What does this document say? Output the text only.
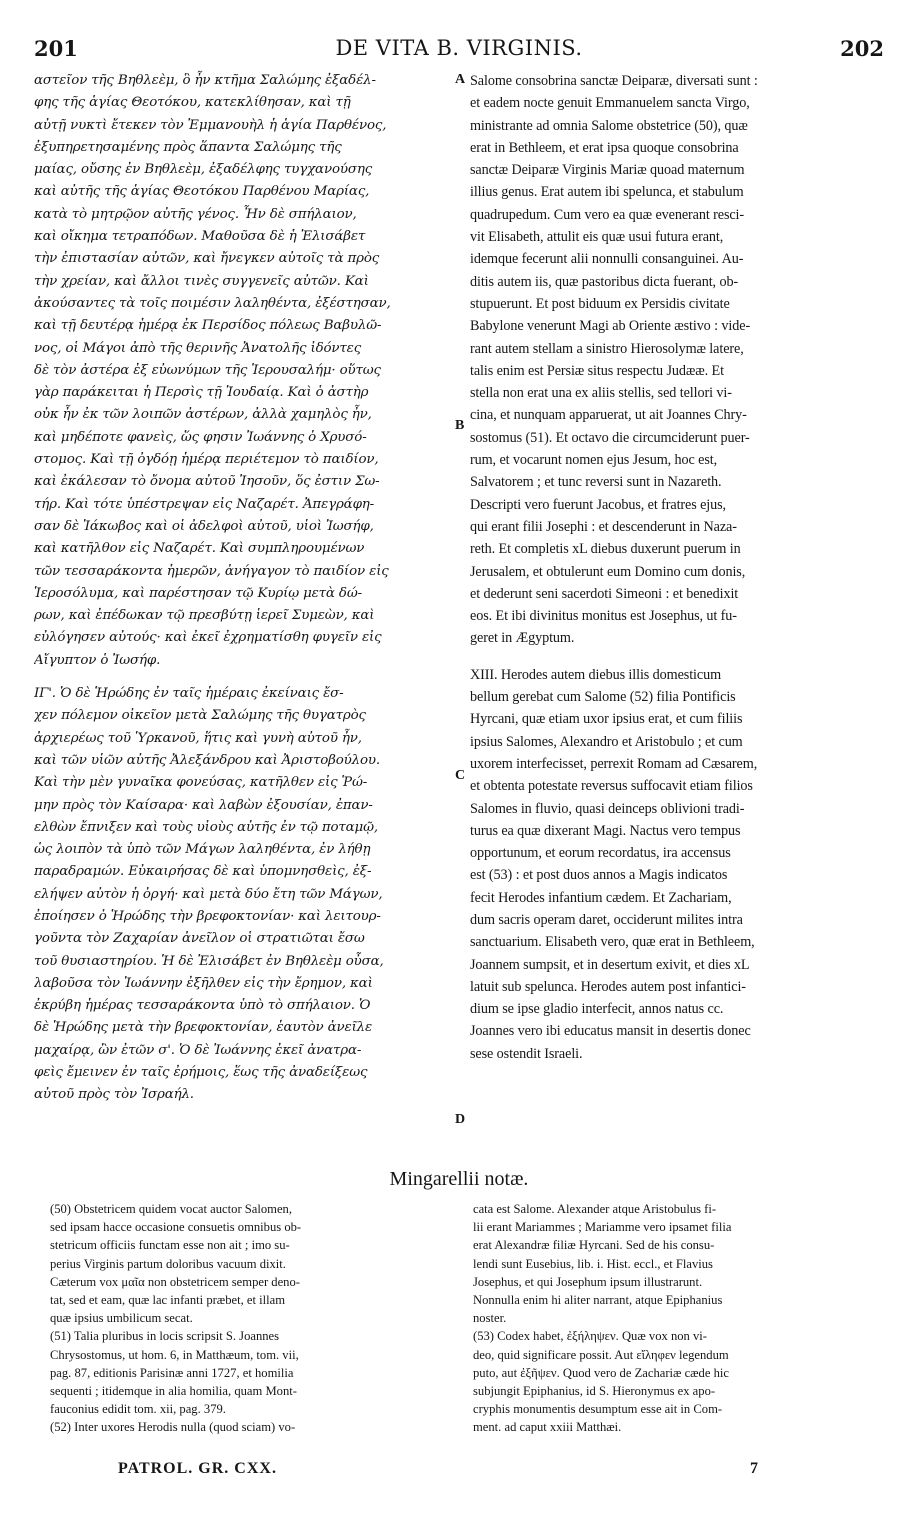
201	DE VITA B. VIRGINIS.	202
αστεῖον τῆς Βηθλεὲμ, ὃ ἦν κτῆμα Σαλώμης ἐξαδέλ-
φης τῆς ἁγίας Θεοτόκου, κατεκλίθησαν, καὶ τῇ
αὐτῇ νυκτὶ ἔτεκεν τὸν Ἐμμανουὴλ ἡ ἁγία Παρθένος,
ἐξυπηρετησαμένης πρὸς ἅπαντα Σαλώμης τῆς
μαίας, οὔσης ἐν Βηθλεὲμ, ἐξαδέλφης τυγχανούσης
καὶ αὐτῆς τῆς ἁγίας Θεοτόκου Παρθένου Μαρίας,
κατὰ τὸ μητρῷον αὐτῆς γένος. Ἦν δὲ σπήλαιον,
καὶ οἴκημα τετραπόδων. Μαθοῦσα δὲ ἡ Ἐλισάβετ
τὴν ἐπιστασίαν αὐτῶν, καὶ ἤνεγκεν αὐτοῖς τὰ πρὸς
τὴν χρείαν, καὶ ἄλλοι τινὲς συγγενεῖς αὐτῶν. Καὶ
ἀκούσαντες τὰ τοῖς ποιμέσιν λαληθέντα, ἐξέστησαν,
καὶ τῇ δευτέρᾳ ἡμέρᾳ ἐκ Περσίδος πόλεως Βαβυλῶ-
νος, οἱ Μάγοι ἀπὸ τῆς θερινῆς Ἀνατολῆς ἰδόντες
δὲ τὸν ἀστέρα ἐξ εὐωνύμων τῆς Ἱερουσαλήμ· οὕτως
γὰρ παράκειται ἡ Περσὶς τῇ Ἰουδαίᾳ. Καὶ ὁ ἀστὴρ
οὐκ ἦν ἐκ τῶν λοιπῶν ἀστέρων, ἀλλὰ χαμηλὸς ἦν,
καὶ μηδέποτε φανεὶς, ὥς φησιν Ἰωάννης ὁ Χρυσό-
στομος. Καὶ τῇ ὀγδόῃ ἡμέρᾳ περιέτεμον τὸ παιδίον,
καὶ ἐκάλεσαν τὸ ὄνομα αὐτοῦ Ἰησοῦν, ὅς ἐστιν Σω-
τήρ. Καὶ τότε ὑπέστρεψαν εἰς Ναζαρέτ. Ἀπεγράφη-
σαν δὲ Ἰάκωβος καὶ οἱ ἀδελφοὶ αὐτοῦ, υἱοὶ Ἰωσήφ,
καὶ κατῆλθον εἰς Ναζαρέτ. Καὶ συμπληρουμένων
τῶν τεσσαράκοντα ἡμερῶν, ἀνήγαγον τὸ παιδίον εἰς
Ἱεροσόλυμα, καὶ παρέστησαν τῷ Κυρίῳ μετὰ δώ-
ρων, καὶ ἐπέδωκαν τῷ πρεσβύτῃ ἱερεῖ Συμεὼν, καὶ
εὐλόγησεν αὐτούς· καὶ ἐκεῖ ἐχρηματίσθη φυγεῖν εἰς
Αἴγυπτον ὁ Ἰωσήφ.
ΙΓ'. Ὁ δὲ Ἡρώδης ἐν ταῖς ἡμέραις ἐκείναις ἔσ-
χεν πόλεμον οἰκεῖον μετὰ Σαλώμης τῆς θυγατρὸς
ἀρχιερέως τοῦ Ὑρκανοῦ, ἥτις καὶ γυνὴ αὐτοῦ ἦν,
καὶ τῶν υἱῶν αὐτῆς Ἀλεξάνδρου καὶ Ἀριστοβούλου.
Καὶ τὴν μὲν γυναῖκα φονεύσας, κατῆλθεν εἰς Ῥώ-
μην πρὸς τὸν Καίσαρα· καὶ λαβὼν ἐξουσίαν, ἐπαν-
ελθὼν ἔπνιξεν καὶ τοὺς υἱοὺς αὐτῆς ἐν τῷ ποταμῷ,
ὡς λοιπὸν τὰ ὑπὸ τῶν Μάγων λαληθέντα, ἐν λήθῃ
παραδραμών. Εὐκαιρήσας δὲ καὶ ὑπομνησθεὶς, ἐξ-
ελήψεν αὐτὸν ἡ ὀργή· καὶ μετὰ δύο ἔτη τῶν Μάγων,
ἐποίησεν ὁ Ἡρώδης τὴν βρεφοκτονίαν· καὶ λειτουρ-
γοῦντα τὸν Ζαχαρίαν ἀνεῖλον οἱ στρατιῶται ἔσω
τοῦ θυσιαστηρίου. Ἡ δὲ Ἐλισάβετ ἐν Βηθλεὲμ οὖσα,
λαβοῦσα τὸν Ἰωάννην ἐξῆλθεν εἰς τὴν ἔρημον, καὶ
ἐκρύβη ἡμέρας τεσσαράκοντα ὑπὸ τὸ σπήλαιον. Ὁ
δὲ Ἡρώδης μετὰ τὴν βρεφοκτονίαν, ἑαυτὸν ἀνεῖλε
μαχαίρᾳ, ὢν ἐτῶν σ'. Ὁ δὲ Ἰωάννης ἐκεῖ ἀνατρα-
φεὶς ἔμεινεν ἐν ταῖς ἐρήμοις, ἕως τῆς ἀναδείξεως
αὐτοῦ πρὸς τὸν Ἰσραήλ.
Salome consobrina sanctæ Deiparæ, diversati sunt :
et eadem nocte genuit Emmanuelem sancta Virgo,
ministrante ad omnia Salome obstetrice (50), quæ
erat in Bethleem, et erat ipsa quoque consobrina
sanctæ Deiparæ Virginis Mariæ quoad maternum
illius genus. Erat autem ibi spelunca, et stabulum
quadrupedum. Cum vero ea quæ evenerant resci-
vit Elisabeth, attulit eis quæ usui futura erant,
idemque fecerunt alii nonnulli consanguinei. Au-
ditis autem iis, quæ pastoribus dicta fuerant, ob-
stupuerunt. Et post biduum ex Persidis civitate
Babylone venerunt Magi ab Oriente æstivo : vide-
rant autem stellam a sinistro Hierosolymæ latere,
talis enim est Persiæ situs respectu Judææ. Et
stella non erat una ex aliis stellis, sed tellori vi-
cina, et nunquam apparuerat, ut ait Joannes Chry-
sostomus (51). Et octavo die circumciderunt puer-
rum, et vocarunt nomen ejus Jesum, hoc est,
Salvatorem ; et tunc reversi sunt in Nazareth.
Descripti vero fuerunt Jacobus, et fratres ejus,
qui erant filii Josephi : et descenderunt in Naza-
reth. Et completis xL diebus duxerunt puerum in
Jerusalem, et obtulerunt eum Domino cum donis,
et dederunt seni sacerdoti Simeoni : et benedixit
eos. Et ibi divinitus monitus est Josephus, ut fu-
geret in Ægyptum.
XIII. Herodes autem diebus illis domesticum
bellum gerebat cum Salome (52) filia Pontificis
Hyrcani, quæ etiam uxor ipsius erat, et cum filiis
ipsius Salomes, Alexandro et Aristobulo ; et cum
uxorem interfecisset, perrexit Romam ad Cæsarem,
et obtenta potestate reversus suffocavit etiam filios
Salomes in fluvio, quasi deinceps oblivioni tradi-
turus ea quæ dixerant Magi. Nactus vero tempus
opportunum, et eorum recordatus, ira accensus
est (53) : et post duos annos a Magis indicatos
fecit Herodes infantium cædem. Et Zachariam,
dum sacris operam daret, occiderunt milites intra
sanctuarium. Elisabeth vero, quæ erat in Bethleem,
Joannem sumpsit, et in desertum exivit, et dies xL
latuit sub spelunca. Herodes autem post infantici-
dium se ipse gladio interfecit, annos natus cc.
Joannes vero ibi educatus mansit in desertis donec
sese ostendit Israeli.
A
B
C
D
Mingarellii notæ.
(50) Obstetricem quidem vocat auctor Salomen,
sed ipsam hacce occasione consuetis omnibus ob-
stetricum officiis functam esse non ait ; imo su-
perius Virginis partum doloribus vacuum dixit.
Cæterum vox μαῖα non obstetricem semper deno-
tat, sed et eam, quæ lac infanti præbet, et illam
quæ ipsius umbilicum secat.
(51) Talia pluribus in locis scripsit S. Joannes
Chrysostomus, ut hom. 6, in Matthæum, tom. vii,
pag. 87, editionis Parisinæ anni 1727, et homilia
sequenti ; itidemque in alia homilia, quam Mont-
fauconius edidit tom. xii, pag. 379.
(52) Inter uxores Herodis nulla (quod sciam) vo-
cata est Salome. Alexander atque Aristobulus fi-
lii erant Mariammes ; Mariamme vero ipsamet filia
erat Alexandræ filiæ Hyrcani. Sed de his consu-
lendi sunt Eusebius, lib. i. Hist. eccl., et Flavius
Josephus, et qui Josephum ipsum illustrarunt.
Nonnulla enim hi aliter narrant, atque Epiphanius
noster.
(53) Codex habet, ἐξήληψεν. Quæ vox non vi-
deo, quid significare possit. Aut εἴληφεν legendum
puto, aut ἐξῆψεν. Quod vero de Zachariæ cæde hic
subjungit Epiphanius, id S. Hieronymus ex apo-
cryphis monumentis desumptum esse ait in Com-
ment. ad caput xxiii Matthæi.
PATROL. GR. CXX.	7
